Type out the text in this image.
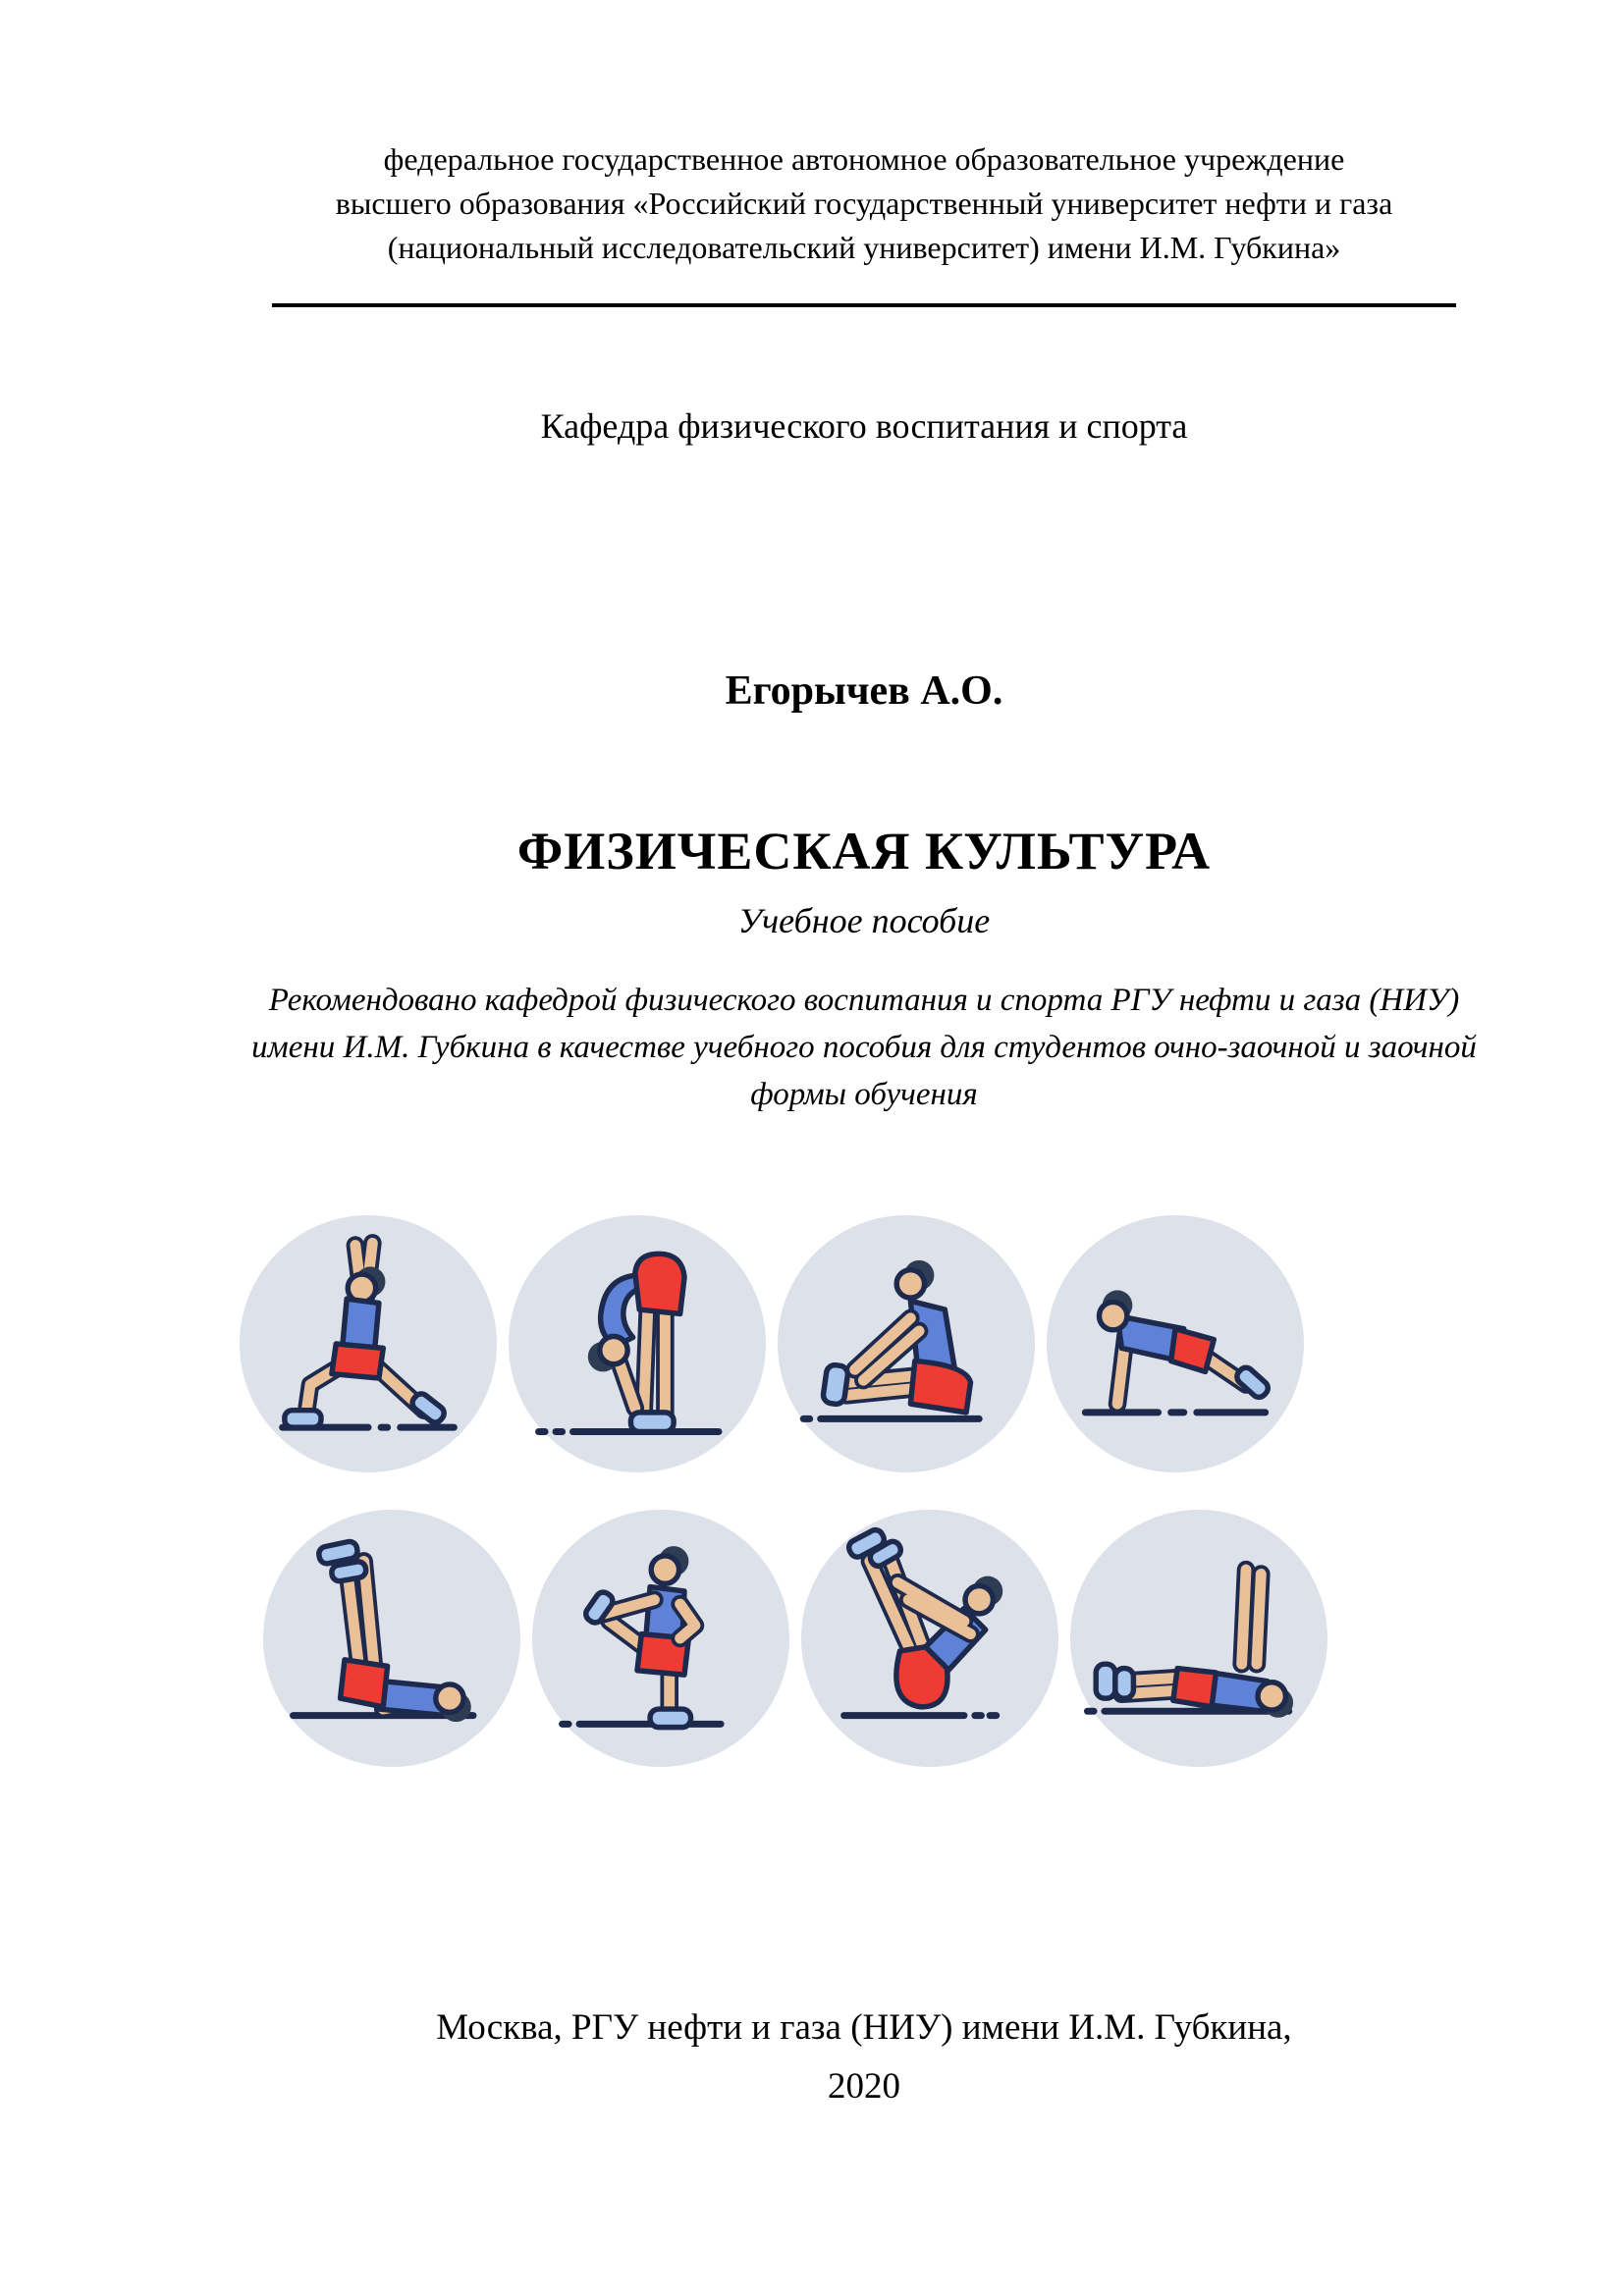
федеральное государственное автономное образовательное учреждение
высшего образования «Российский государственный университет нефти и газа
(национальный исследовательский университет) имени И.М. Губкина»
Кафедра физического воспитания и спорта
Егорычев А.О.
ФИЗИЧЕСКАЯ КУЛЬТУРА
Учебное пособие
Рекомендовано кафедрой физического воспитания и спорта РГУ нефти и газа (НИУ)
имени И.М. Губкина в качестве учебного пособия для студентов очно-заочной и заочной
формы обучения
Москва, РГУ нефти и газа (НИУ) имени И.М. Губкина,
2020
